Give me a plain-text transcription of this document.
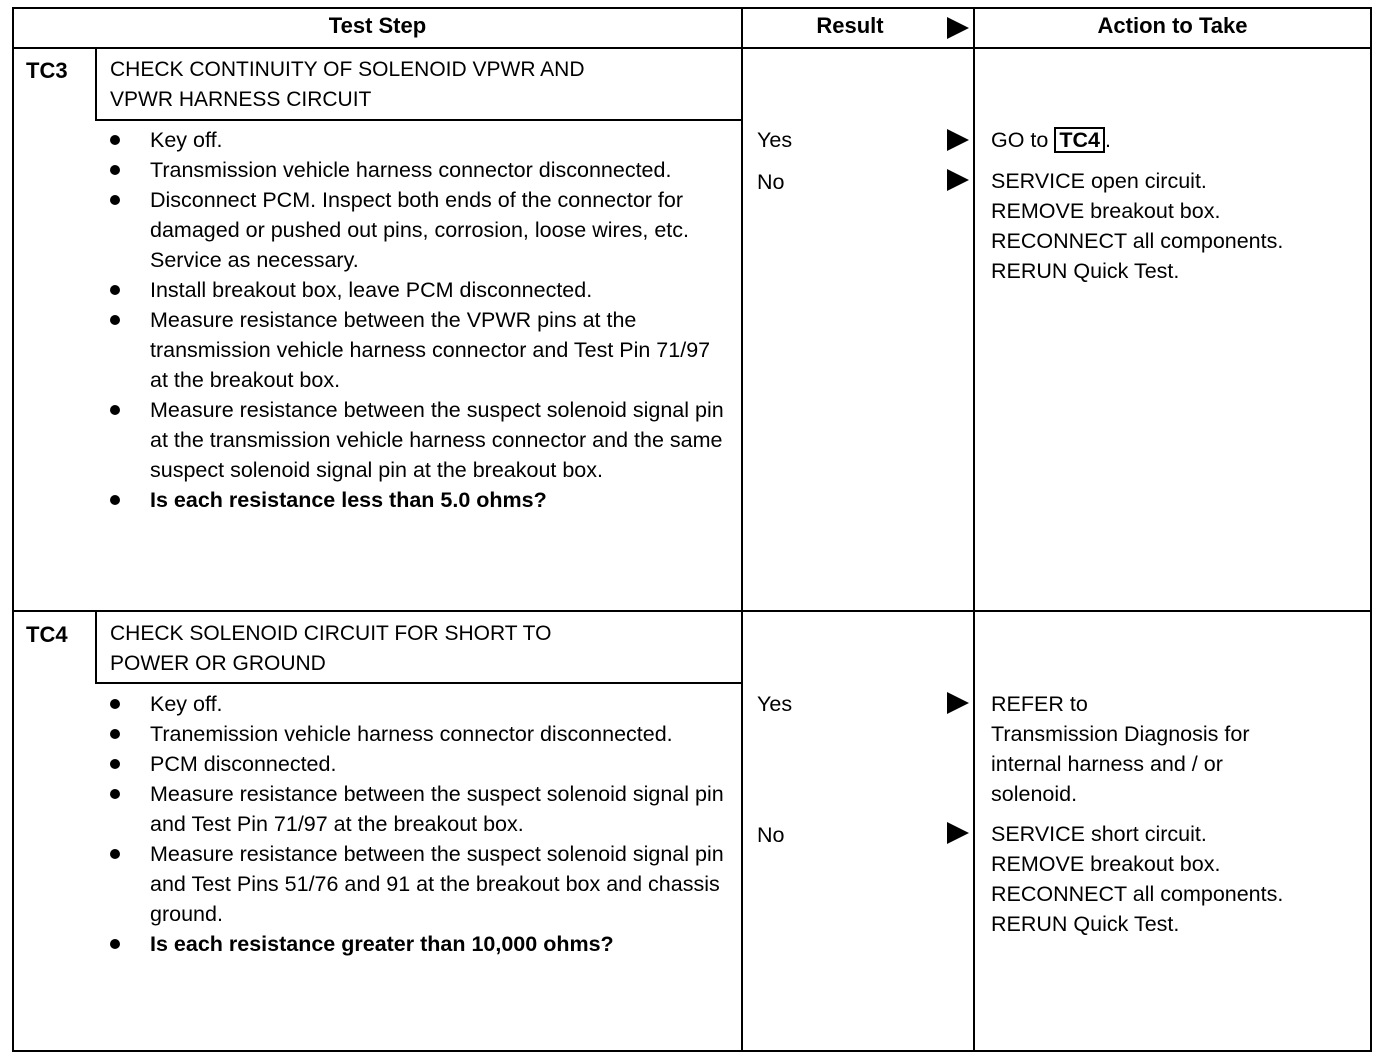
Test Step	Result	Action to Take
TC3 CHECK CONTINUITY OF SOLENOID VPWR AND
VPWR HARNESS CIRCUIT
Key off.
Transmission vehicle harness connector disconnected.
Disconnect PCM. Inspect both ends of the connector for damaged or pushed out pins, corrosion, loose wires, etc. Service as necessary.
Install breakout box, leave PCM disconnected.
Measure resistance between the VPWR pins at the transmission vehicle harness connector and Test Pin 71/97 at the breakout box.
Measure resistance between the suspect solenoid signal pin at the transmission vehicle harness connector and the same suspect solenoid signal pin at the breakout box.
Is each resistance less than 5.0 ohms?
Yes	GO to TC4 .
No	SERVICE open circuit.
REMOVE breakout box.
RECONNECT all components.
RERUN Quick Test.
TC4 CHECK SOLENOID CIRCUIT FOR SHORT TO
POWER OR GROUND
Key off.
Tranemission vehicle harness connector disconnected.
PCM disconnected.
Measure resistance between the suspect solenoid signal pin and Test Pin 71/97 at the breakout box.
Measure resistance between the suspect solenoid signal pin and Test Pins 51/76 and 91 at the breakout box and chassis ground.
Is each resistance greater than 10,000 ohms?
Yes	REFER to
Transmission Diagnosis for
internal harness and / or
solenoid.
No	SERVICE short circuit.
REMOVE breakout box.
RECONNECT all components.
RERUN Quick Test.
